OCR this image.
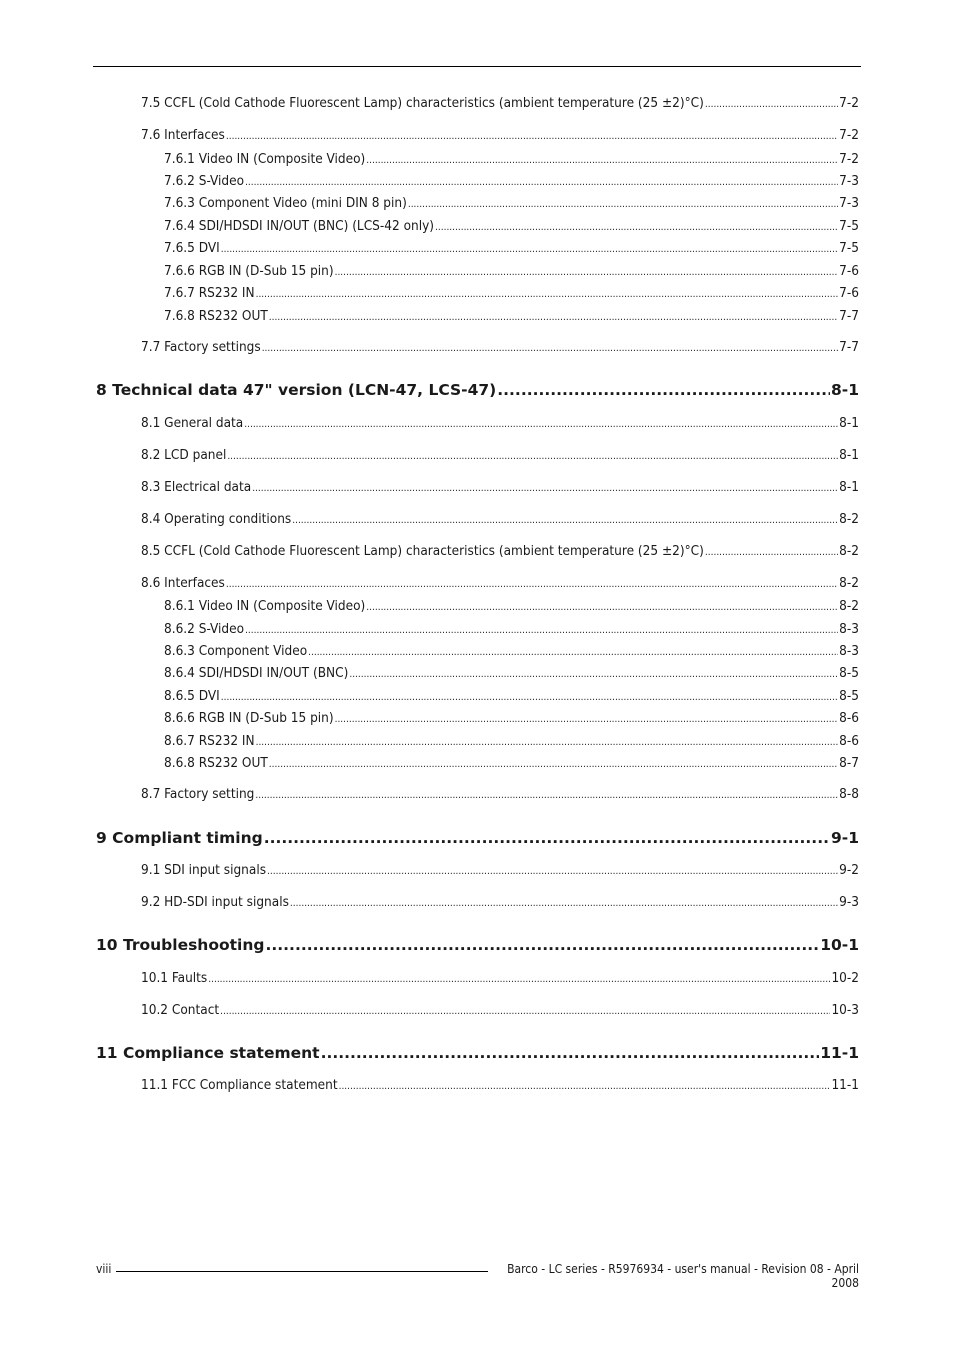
7.5 CCFL (Cold Cathode Fluorescent Lamp) characteristics (ambient temperature (25 ±2)°C) .....	7-2
7.6 Interfaces .....	7-2
7.6.1 Video IN (Composite Video) .....	7-2
7.6.2 S-Video .....	7-3
7.6.3 Component Video (mini DIN 8 pin) .....	7-3
7.6.4 SDI/HDSDI IN/OUT (BNC) (LCS-42 only) .....	7-5
7.6.5 DVI .....	7-5
7.6.6 RGB IN (D-Sub 15 pin) .....	7-6
7.6.7 RS232 IN .....	7-6
7.6.8 RS232 OUT .....	7-7
7.7 Factory settings .....	7-7
8 Technical data 47" version (LCN-47, LCS-47) .....	8-1
8.1 General data .....	8-1
8.2 LCD panel .....	8-1
8.3 Electrical data .....	8-1
8.4 Operating conditions .....	8-2
8.5 CCFL (Cold Cathode Fluorescent Lamp) characteristics (ambient temperature (25 ±2)°C) .....	8-2
8.6 Interfaces .....	8-2
8.6.1 Video IN (Composite Video) .....	8-2
8.6.2 S-Video .....	8-3
8.6.3 Component Video .....	8-3
8.6.4 SDI/HDSDI IN/OUT (BNC) .....	8-5
8.6.5 DVI .....	8-5
8.6.6 RGB IN (D-Sub 15 pin) .....	8-6
8.6.7 RS232 IN .....	8-6
8.6.8 RS232 OUT .....	8-7
8.7 Factory setting .....	8-8
9 Compliant timing .....	9-1
9.1 SDI input signals .....	9-2
9.2 HD-SDI input signals .....	9-3
10 Troubleshooting .....	10-1
10.1 Faults .....	10-2
10.2 Contact .....	10-3
11 Compliance statement .....	11-1
11.1 FCC Compliance statement .....	11-1
viii	Barco - LC series - R5976934 - user's manual - Revision 08 - April 2008
